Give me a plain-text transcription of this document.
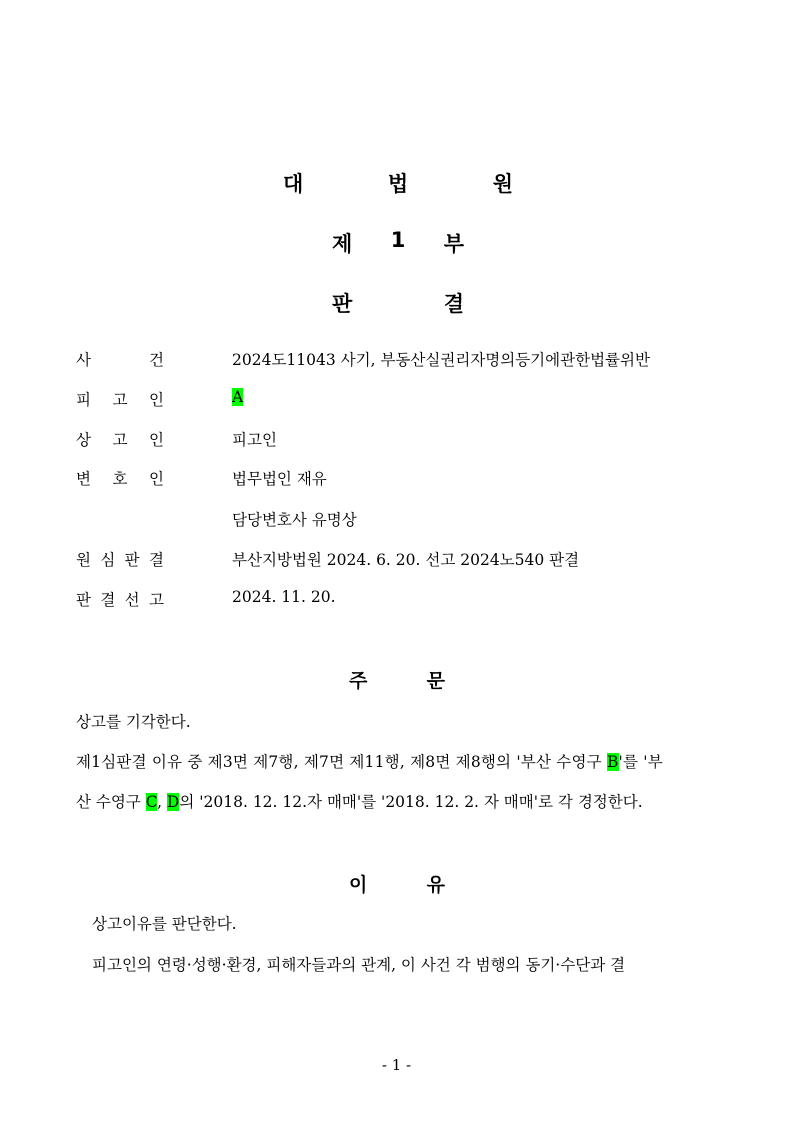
대	법	원
제 1 부
판	결
사	건	2024도11043 사기, 부동산실권리자명의등기에관한법률위반
피 고 인	A
상 고 인	피고인
변 호 인	법무법인 재유
담당변호사 유명상
원 심 판 결	부산지방법원 2024. 6. 20. 선고 2024노540 판결
판 결 선 고	2024. 11. 20.
주	문
상고를 기각한다.
제1심판결 이유 중 제3면 제7행, 제7면 제11행, 제8면 제8행의 '부산 수영구 B'를 '부
산 수영구 C, D의 '2018. 12. 12.자 매매'를 '2018. 12. 2. 자 매매'로 각 경정한다.
이	유
상고이유를 판단한다.
피고인의 연령·성행·환경, 피해자들과의 관계, 이 사건 각 범행의 동기·수단과 결
- 1 -
